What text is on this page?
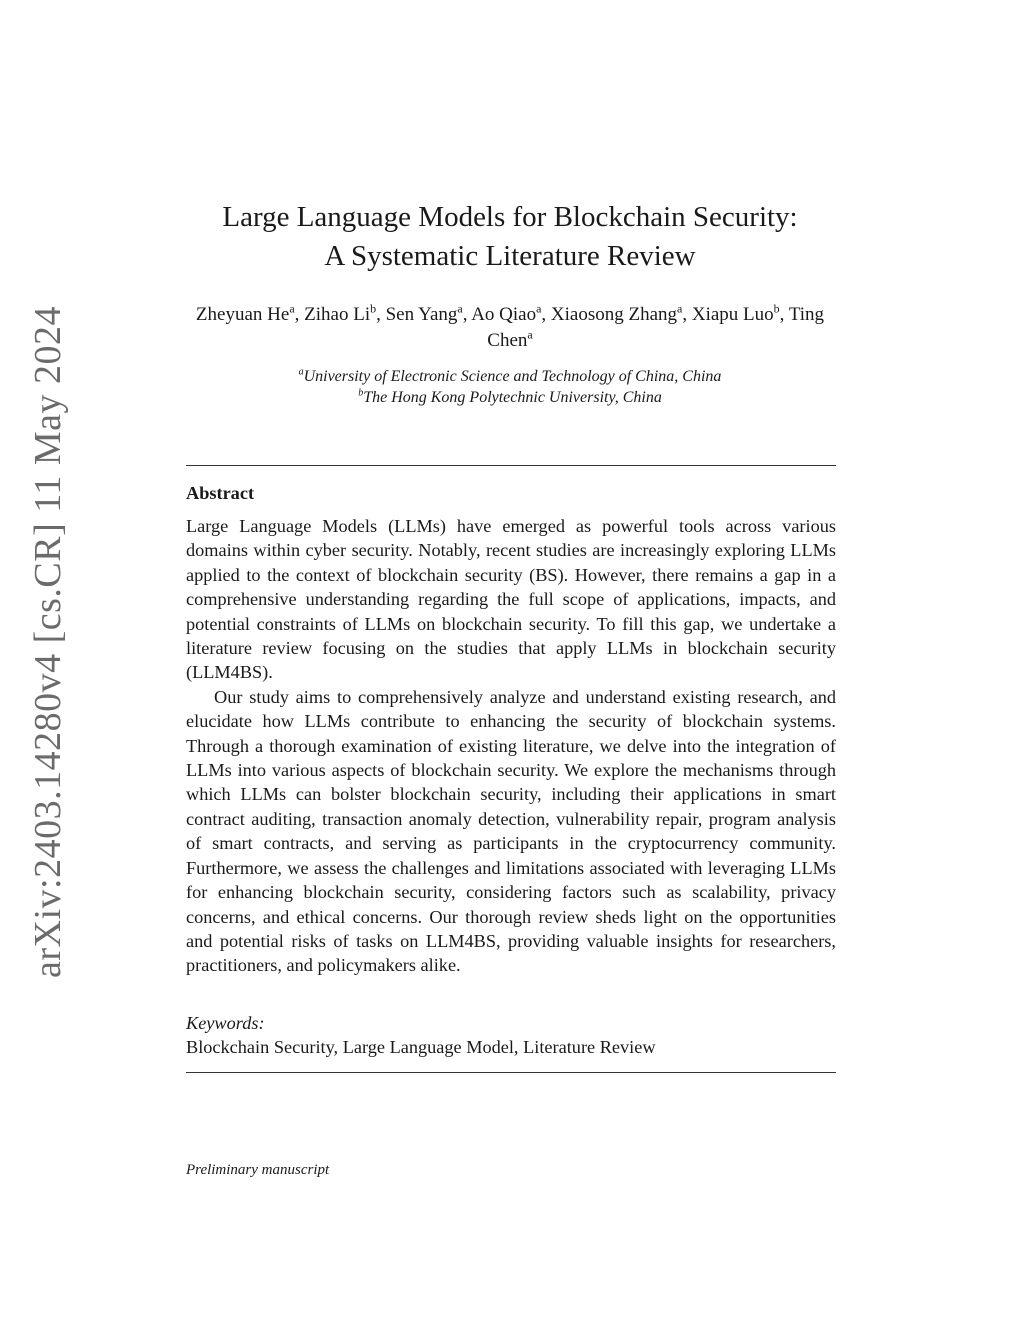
arXiv:2403.14280v4 [cs.CR] 11 May 2024
Large Language Models for Blockchain Security:
A Systematic Literature Review
Zheyuan He$^a$, Zihao Li$^b$, Sen Yang$^a$, Ao Qiao$^a$, Xiaosong Zhang$^a$, Xiapu Luo$^b$, Ting Chen$^a$
$^a$University of Electronic Science and Technology of China, China
$^b$The Hong Kong Polytechnic University, China
Abstract

Large Language Models (LLMs) have emerged as powerful tools across various domains within cyber security. Notably, recent studies are increasingly exploring LLMs applied to the context of blockchain security (BS). However, there remains a gap in a comprehensive understanding regarding the full scope of applications, impacts, and potential constraints of LLMs on blockchain security. To fill this gap, we undertake a literature review focusing on the studies that apply LLMs in blockchain security (LLM4BS).

Our study aims to comprehensively analyze and understand existing research, and elucidate how LLMs contribute to enhancing the security of blockchain systems. Through a thorough examination of existing literature, we delve into the integration of LLMs into various aspects of blockchain security. We explore the mechanisms through which LLMs can bolster blockchain security, including their applications in smart contract auditing, transaction anomaly detection, vulnerability repair, program analysis of smart contracts, and serving as participants in the cryptocurrency community. Furthermore, we assess the challenges and limitations associated with leveraging LLMs for enhancing blockchain security, considering factors such as scalability, privacy concerns, and ethical concerns. Our thorough review sheds light on the opportunities and potential risks of tasks on LLM4BS, providing valuable insights for researchers, practitioners, and policymakers alike.

Keywords:
Blockchain Security, Large Language Model, Literature Review
Preliminary manuscript
